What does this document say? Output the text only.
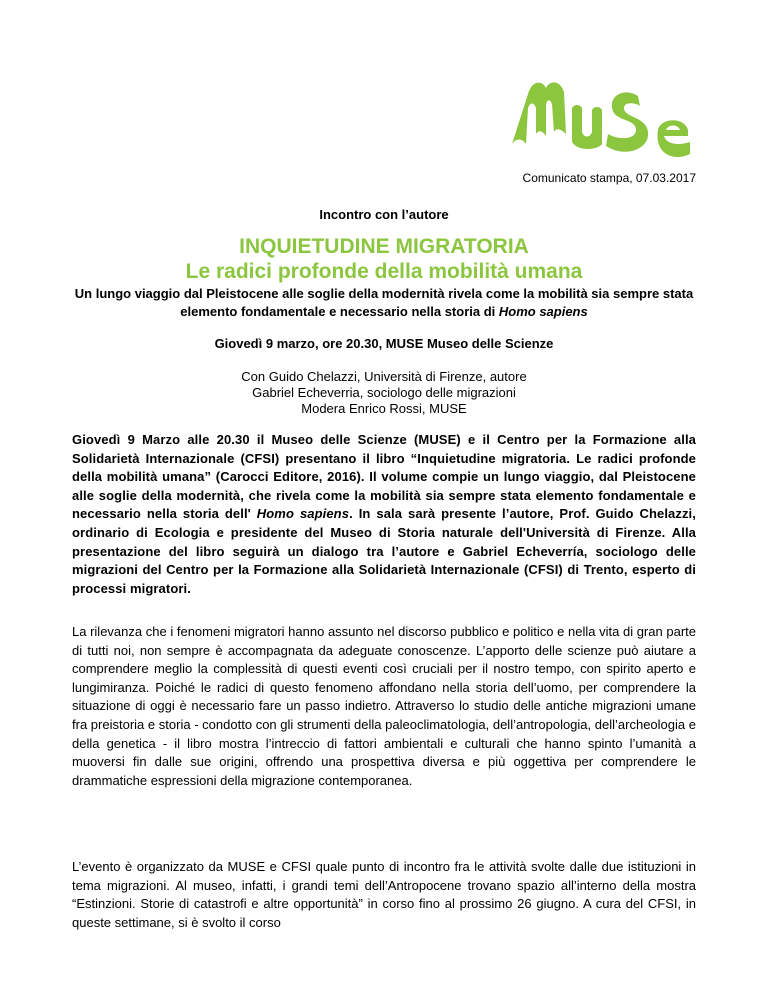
Comunicato stampa, 07.03.2017
Incontro con l’autore
INQUIETUDINE MIGRATORIA
Le radici profonde della mobilità umana
Un lungo viaggio dal Pleistocene alle soglie della modernità rivela come la mobilità sia sempre stata elemento fondamentale e necessario nella storia di Homo sapiens
Giovedì 9 marzo, ore 20.30, MUSE Museo delle Scienze
Con Guido Chelazzi, Università di Firenze, autore
Gabriel Echeverria, sociologo delle migrazioni
Modera Enrico Rossi, MUSE
Giovedì 9 Marzo alle 20.30 il Museo delle Scienze (MUSE) e il Centro per la Formazione alla Solidarietà Internazionale (CFSI) presentano il libro “Inquietudine migratoria. Le radici profonde della mobilità umana” (Carocci Editore, 2016). Il volume compie un lungo viaggio, dal Pleistocene alle soglie della modernità, che rivela come la mobilità sia sempre stata elemento fondamentale e necessario nella storia dell' Homo sapiens. In sala sarà presente l’autore, Prof. Guido Chelazzi, ordinario di Ecologia e presidente del Museo di Storia naturale dell'Università di Firenze. Alla presentazione del libro seguirà un dialogo tra l’autore e Gabriel Echeverría, sociologo delle migrazioni del Centro per la Formazione alla Solidarietà Internazionale (CFSI) di Trento, esperto di processi migratori.
La rilevanza che i fenomeni migratori hanno assunto nel discorso pubblico e politico e nella vita di gran parte di tutti noi, non sempre è accompagnata da adeguate conoscenze. L’apporto delle scienze può aiutare a comprendere meglio la complessità di questi eventi così cruciali per il nostro tempo, con spirito aperto e lungimiranza. Poiché le radici di questo fenomeno affondano nella storia dell’uomo, per comprendere la situazione di oggi è necessario fare un passo indietro. Attraverso lo studio delle antiche migrazioni umane fra preistoria e storia - condotto con gli strumenti della paleoclimatologia, dell’antropologia, dell’archeologia e della genetica - il libro mostra l’intreccio di fattori ambientali e culturali che hanno spinto l’umanità a muoversi fin dalle sue origini, offrendo una prospettiva diversa e più oggettiva per comprendere le drammatiche espressioni della migrazione contemporanea.
L’evento è organizzato da MUSE e CFSI quale punto di incontro fra le attività svolte dalle due istituzioni in tema migrazioni. Al museo, infatti, i grandi temi dell’Antropocene trovano spazio all’interno della mostra “Estinzioni. Storie di catastrofi e altre opportunità” in corso fino al prossimo 26 giugno. A cura del CFSI, in queste settimane, si è svolto il corso
